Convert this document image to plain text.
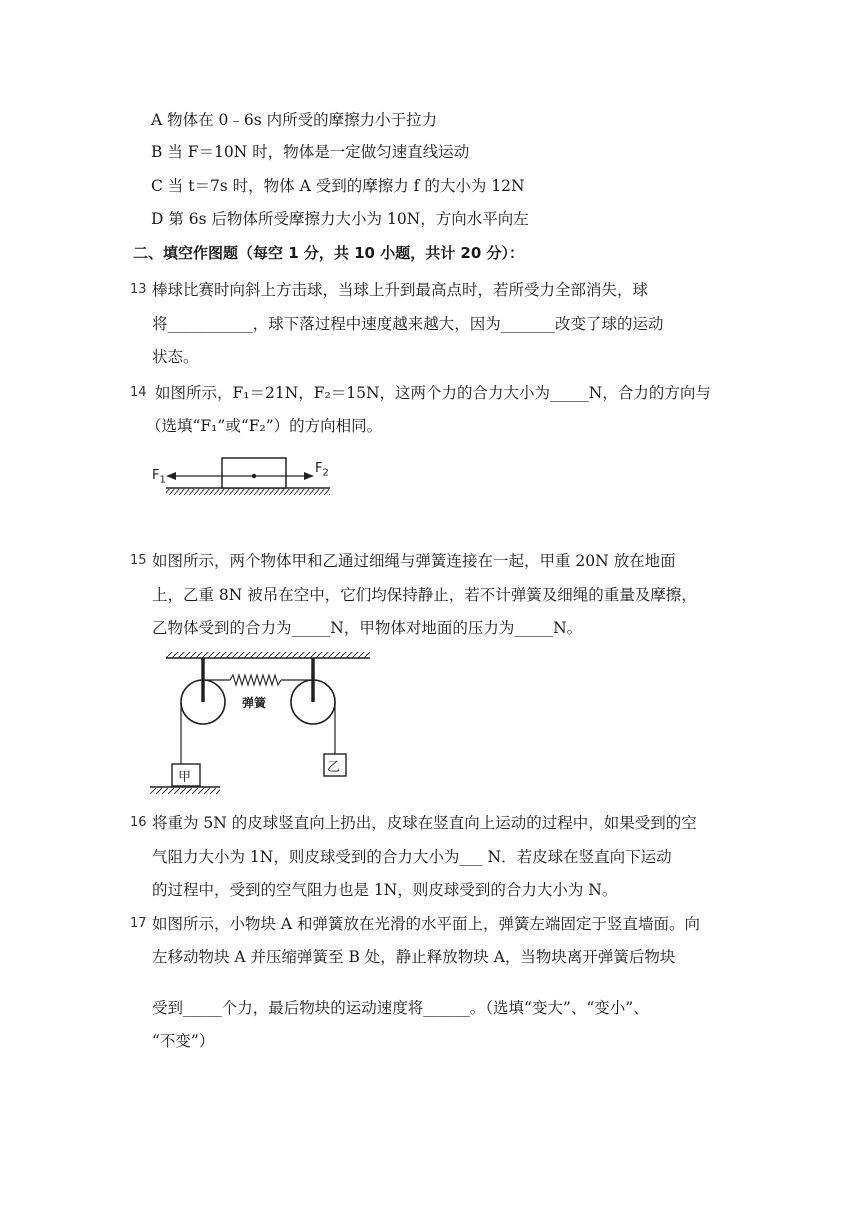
A 物体在 0﹣6s 内所受的摩擦力小于拉力
B 当 F＝10N 时，物体是一定做匀速直线运动
C 当 t＝7s 时，物体 A 受到的摩擦力 f 的大小为 12N
D 第 6s 后物体所受摩擦力大小为 10N，方向水平向左
二、填空作图题（每空 1 分，共 10 小题，共计 20 分）：
13 棒球比赛时向斜上方击球，当球上升到最高点时，若所受力全部消失，球
将___________，球下落过程中速度越来越大，因为_______改变了球的运动
状态。
14 如图所示，F₁＝21N，F₂＝15N，这两个力的合力大小为_____N，合力的方向与
（选填“F₁”或“F₂”）的方向相同。
$F_1$
$F_2$
15 如图所示，两个物体甲和乙通过细绳与弹簧连接在一起，甲重 20N 放在地面
上，乙重 8N 被吊在空中，它们均保持静止，若不计弹簧及细绳的重量及摩擦，
乙物体受到的合力为_____N，甲物体对地面的压力为_____N。
弹簧
甲
乙
16 将重为 5N 的皮球竖直向上扔出，皮球在竖直向上运动的过程中，如果受到的空
气阻力大小为 1N，则皮球受到的合力大小为___ N．若皮球在竖直向下运动
的过程中，受到的空气阻力也是 1N，则皮球受到的合力大小为 N。
17 如图所示，小物块 A 和弹簧放在光滑的水平面上，弹簧左端固定于竖直墙面。向
左移动物块 A 并压缩弹簧至 B 处，静止释放物块 A，当物块离开弹簧后物块
受到_____个力，最后物块的运动速度将______。（选填“变大”、“变小”、
“不变”）
